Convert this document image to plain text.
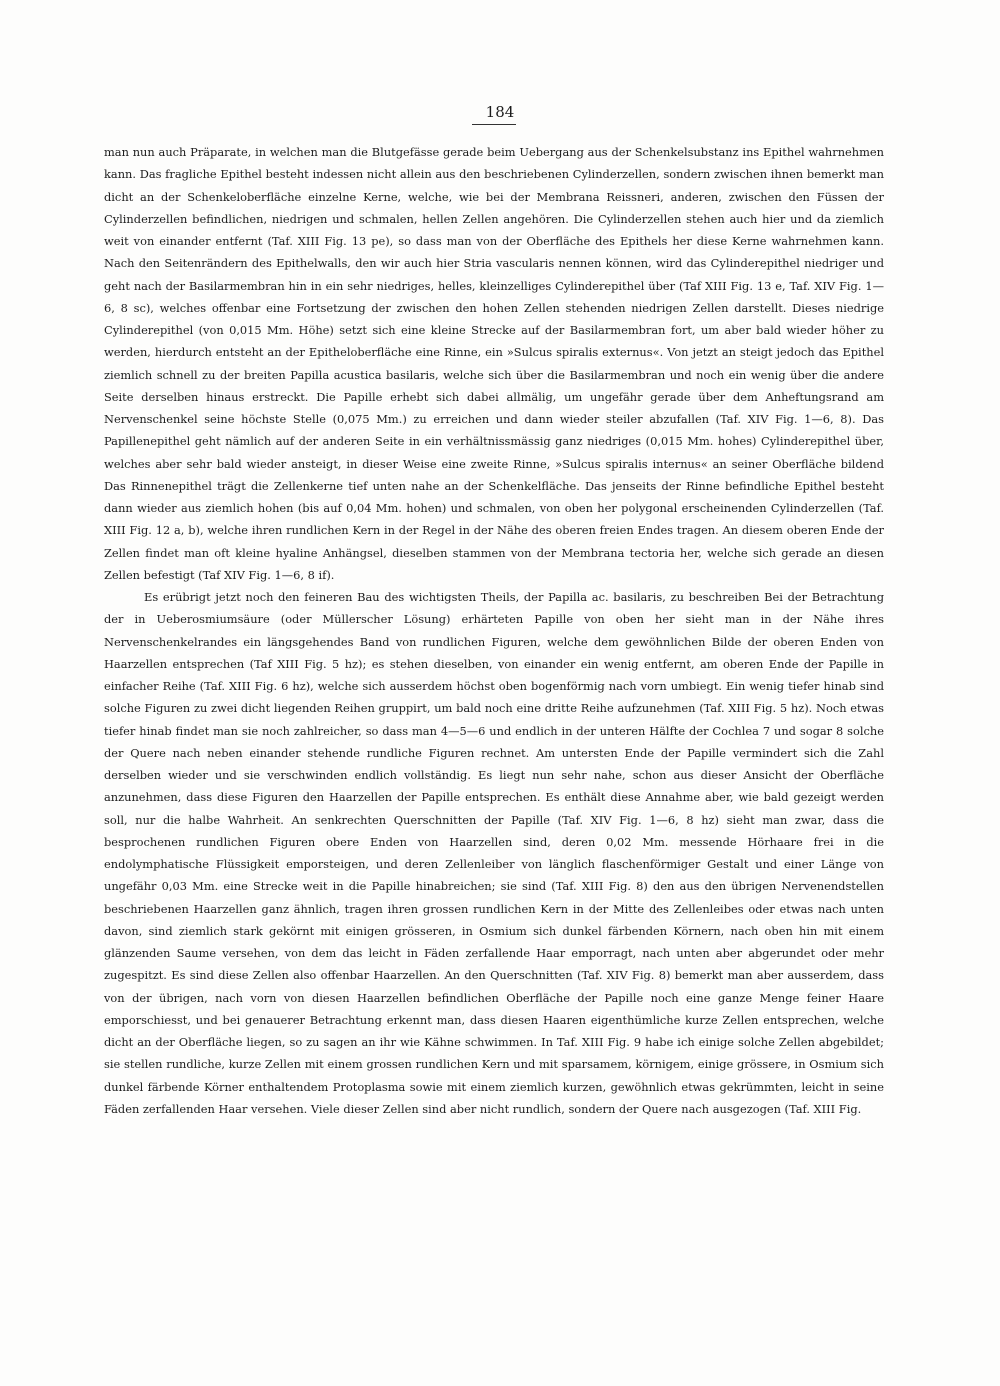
184

man nun auch Präparate, in welchen man die Blutgefässe gerade beim Uebergang aus der Schenkelsubstanz ins Epithel wahrnehmen kann. Das fragliche Epithel besteht indessen nicht allein aus den beschriebenen Cylinderzellen, sondern zwischen ihnen bemerkt man dicht an der Schenkeloberfläche einzelne Kerne, welche, wie bei der Membrana Reissneri, anderen, zwischen den Füssen der Cylinderzellen befindlichen, niedrigen und schmalen, hellen Zellen angehören. Die Cylinderzellen stehen auch hier und da ziemlich weit von einander entfernt (Taf. XIII Fig. 13 pe), so dass man von der Oberfläche des Epithels her diese Kerne wahrnehmen kann. Nach den Seitenrändern des Epithelwalls, den wir auch hier Stria vascularis nennen können, wird das Cylinderepithel niedriger und geht nach der Basilarmembran hin in ein sehr niedriges, helles, kleinzelliges Cylinderepithel über (Taf XIII Fig. 13 e, Taf. XIV Fig. 1—6, 8 sc), welches offenbar eine Fortsetzung der zwischen den hohen Zellen stehenden niedrigen Zellen darstellt. Dieses niedrige Cylinderepithel (von 0,015 Mm. Höhe) setzt sich eine kleine Strecke auf der Basilarmembran fort, um aber bald wieder höher zu werden, hierdurch entsteht an der Epitheloberfläche eine Rinne, ein »Sulcus spiralis externus«. Von jetzt an steigt jedoch das Epithel ziemlich schnell zu der breiten Papilla acustica basilaris, welche sich über die Basilarmembran und noch ein wenig über die andere Seite derselben hinaus erstreckt. Die Papille erhebt sich dabei allmälig, um ungefähr gerade über dem Anheftungsrand am Nervenschenkel seine höchste Stelle (0,075 Mm.) zu erreichen und dann wieder steiler abzufallen (Taf. XIV Fig. 1—6, 8). Das Papillenepithel geht nämlich auf der anderen Seite in ein verhältnissmässig ganz niedriges (0,015 Mm. hohes) Cylinderepithel über, welches aber sehr bald wieder ansteigt, in dieser Weise eine zweite Rinne, »Sulcus spiralis internus« an seiner Oberfläche bildend Das Rinnenepithel trägt die Zellenkerne tief unten nahe an der Schenkelfläche. Das jenseits der Rinne befindliche Epithel besteht dann wieder aus ziemlich hohen (bis auf 0,04 Mm. hohen) und schmalen, von oben her polygonal erscheinenden Cylinderzellen (Taf. XIII Fig. 12 a, b), welche ihren rundlichen Kern in der Regel in der Nähe des oberen freien Endes tragen. An diesem oberen Ende der Zellen findet man oft kleine hyaline Anhängsel, dieselben stammen von der Membrana tectoria her, welche sich gerade an diesen Zellen befestigt (Taf XIV Fig. 1—6, 8 if).

Es erübrigt jetzt noch den feineren Bau des wichtigsten Theils, der Papilla ac. basilaris, zu beschreiben Bei der Betrachtung der in Ueberosmiumsäure (oder Müllerscher Lösung) erhärteten Papille von oben her sieht man in der Nähe ihres Nervenschenkelrandes ein längsgehendes Band von rundlichen Figuren, welche dem gewöhnlichen Bilde der oberen Enden von Haarzellen entsprechen (Taf XIII Fig. 5 hz); es stehen dieselben, von einander ein wenig entfernt, am oberen Ende der Papille in einfacher Reihe (Taf. XIII Fig. 6 hz), welche sich ausserdem höchst oben bogenförmig nach vorn umbiegt. Ein wenig tiefer hinab sind solche Figuren zu zwei dicht liegenden Reihen gruppirt, um bald noch eine dritte Reihe aufzunehmen (Taf. XIII Fig. 5 hz). Noch etwas tiefer hinab findet man sie noch zahlreicher, so dass man 4—5—6 und endlich in der unteren Hälfte der Cochlea 7 und sogar 8 solche der Quere nach neben einander stehende rundliche Figuren rechnet. Am untersten Ende der Papille vermindert sich die Zahl derselben wieder und sie verschwinden endlich vollständig. Es liegt nun sehr nahe, schon aus dieser Ansicht der Oberfläche anzunehmen, dass diese Figuren den Haarzellen der Papille entsprechen. Es enthält diese Annahme aber, wie bald gezeigt werden soll, nur die halbe Wahrheit. An senkrechten Querschnitten der Papille (Taf. XIV Fig. 1—6, 8 hz) sieht man zwar, dass die besprochenen rundlichen Figuren obere Enden von Haarzellen sind, deren 0,02 Mm. messende Hörhaare frei in die endolymphatische Flüssigkeit emporsteigen, und deren Zellenleiber von länglich flaschenförmiger Gestalt und einer Länge von ungefähr 0,03 Mm. eine Strecke weit in die Papille hinabreichen; sie sind (Taf. XIII Fig. 8) den aus den übrigen Nervenendstellen beschriebenen Haarzellen ganz ähnlich, tragen ihren grossen rundlichen Kern in der Mitte des Zellenleibes oder etwas nach unten davon, sind ziemlich stark gekörnt mit einigen grösseren, in Osmium sich dunkel färbenden Körnern, nach oben hin mit einem glänzenden Saume versehen, von dem das leicht in Fäden zerfallende Haar emporragt, nach unten aber abgerundet oder mehr zugespitzt. Es sind diese Zellen also offenbar Haarzellen. An den Querschnitten (Taf. XIV Fig. 8) bemerkt man aber ausserdem, dass von der übrigen, nach vorn von diesen Haarzellen befindlichen Oberfläche der Papille noch eine ganze Menge feiner Haare emporschiesst, und bei genauerer Betrachtung erkennt man, dass diesen Haaren eigenthümliche kurze Zellen entsprechen, welche dicht an der Oberfläche liegen, so zu sagen an ihr wie Kähne schwimmen. In Taf. XIII Fig. 9 habe ich einige solche Zellen abgebildet; sie stellen rundliche, kurze Zellen mit einem grossen rundlichen Kern und mit sparsamem, körnigem, einige grössere, in Osmium sich dunkel färbende Körner enthaltendem Protoplasma sowie mit einem ziemlich kurzen, gewöhnlich etwas gekrümmten, leicht in seine Fäden zerfallenden Haar versehen. Viele dieser Zellen sind aber nicht rundlich, sondern der Quere nach ausgezogen (Taf. XIII Fig.
